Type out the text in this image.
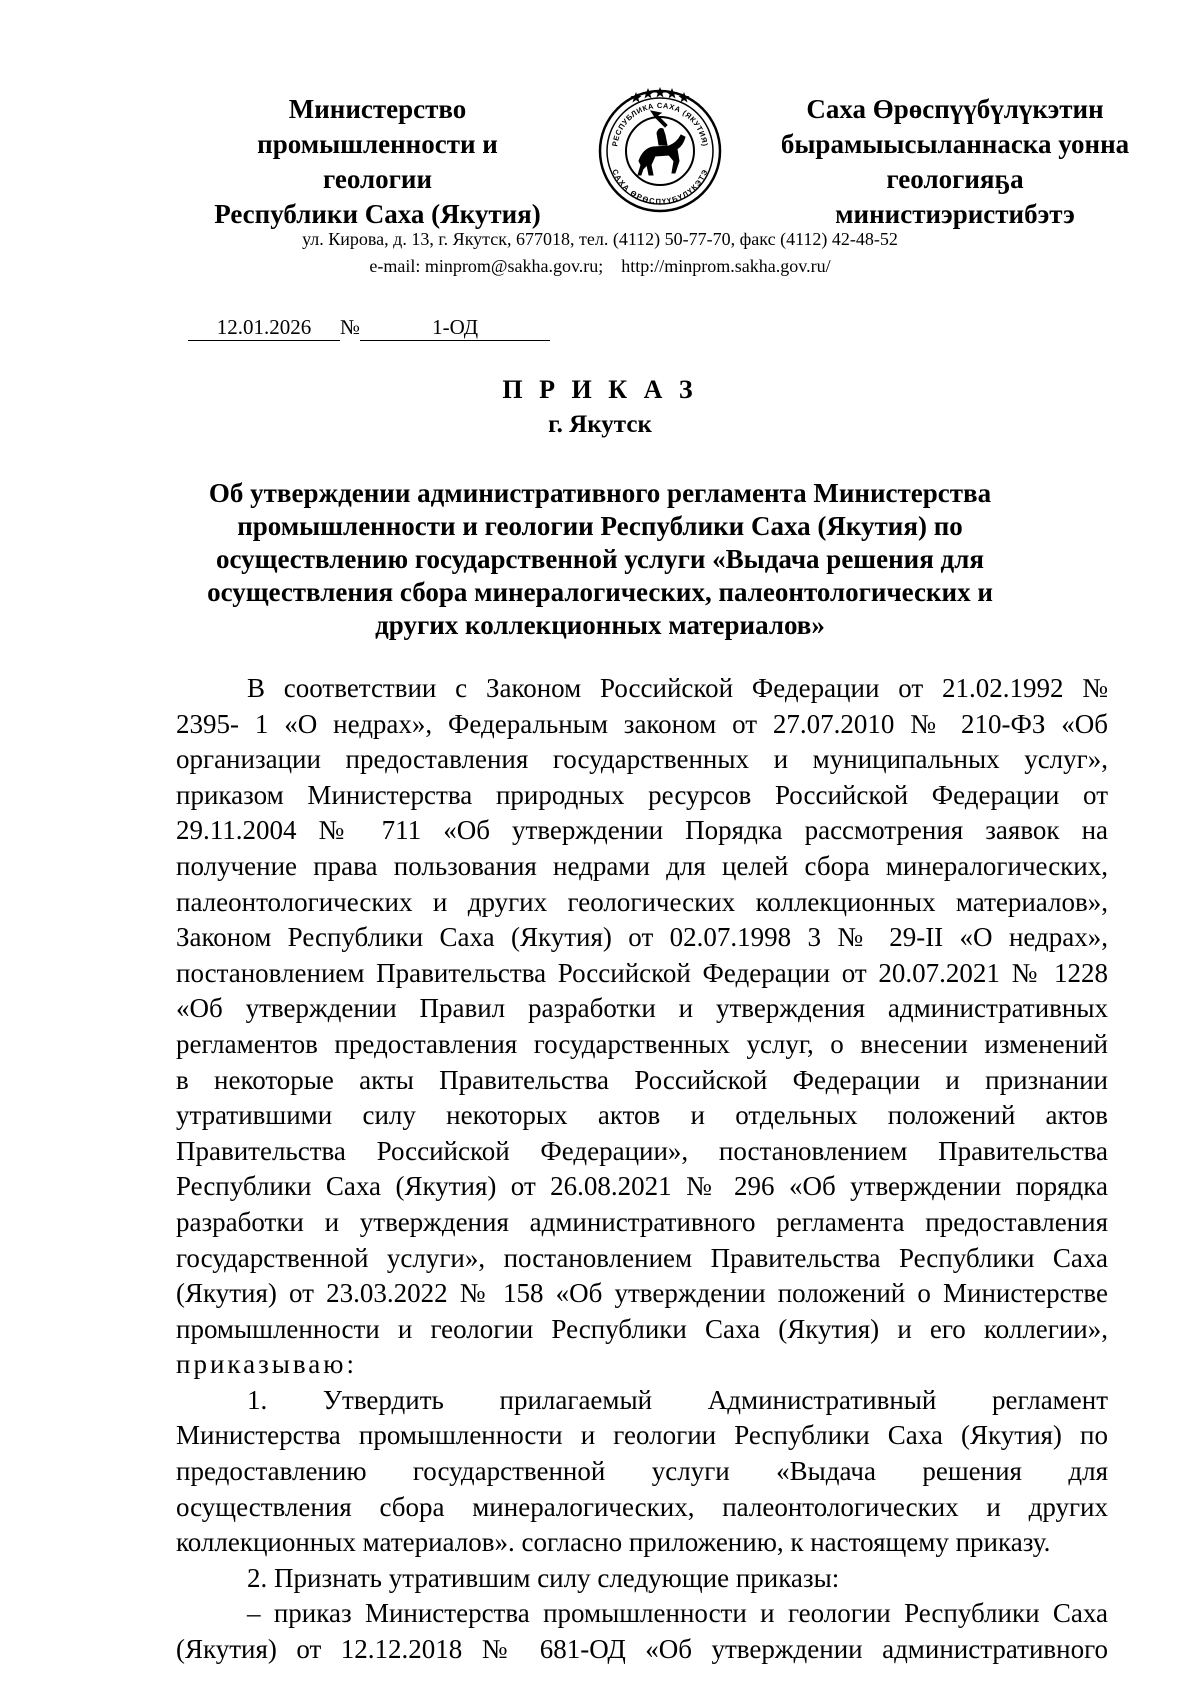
Министерство
промышленности и
геологии
Республики Саха (Якутия)
РЕСПУБЛИКА САХА (ЯКУТИЯ)
САХА ӨРӨСПҮҮБҮЛҮКЭТЭ
Саха Өрөспүүбүлүкэтин
бырамыысыланнаска уонна
геологияҕа
министиэристибэтэ
ул. Кирова, д. 13, г. Якутск, 677018, тел. (4112) 50-77-70, факс (4112) 42-48-52
e-mail: minprom@sakha.gov.ru; http://minprom.sakha.gov.ru/
12.01.2026 №	1-ОД
П Р И К А З
г. Якутск
Об утверждении административного регламента Министерства
промышленности и геологии Республики Саха (Якутия) по
осуществлению государственной услуги «Выдача решения для
осуществления сбора минералогических, палеонтологических и
других коллекционных материалов»
В соответствии с Законом Российской Федерации от 21.02.1992 №
2395- 1 «О недрах», Федеральным законом от 27.07.2010 № 210-ФЗ «Об
организации предоставления государственных и муниципальных услуг»,
приказом Министерства природных ресурсов Российской Федерации от
29.11.2004 № 711 «Об утверждении Порядка рассмотрения заявок на
получение права пользования недрами для целей сбора минералогических,
палеонтологических и других геологических коллекционных материалов»,
Законом Республики Саха (Якутия) от 02.07.1998 3 № 29-II «О недрах»,
постановлением Правительства Российской Федерации от 20.07.2021 № 1228
«Об утверждении Правил разработки и утверждения административных
регламентов предоставления государственных услуг, о внесении изменений
в некоторые акты Правительства Российской Федерации и признании
утратившими силу некоторых актов и отдельных положений актов
Правительства Российской Федерации», постановлением Правительства
Республики Саха (Якутия) от 26.08.2021 № 296 «Об утверждении порядка
разработки и утверждения административного регламента предоставления
государственной услуги», постановлением Правительства Республики Саха
(Якутия) от 23.03.2022 № 158 «Об утверждении положений о Министерстве
промышленности и геологии Республики Саха (Якутия) и его коллегии»,
приказываю:
1. Утвердить прилагаемый Административный регламент
Министерства промышленности и геологии Республики Саха (Якутия) по
предоставлению государственной услуги «Выдача решения для
осуществления сбора минералогических, палеонтологических и других
коллекционных материалов». согласно приложению, к настоящему приказу.
2. Признать утратившим силу следующие приказы:
– приказ Министерства промышленности и геологии Республики Саха
(Якутия) от 12.12.2018 № 681-ОД «Об утверждении административного
